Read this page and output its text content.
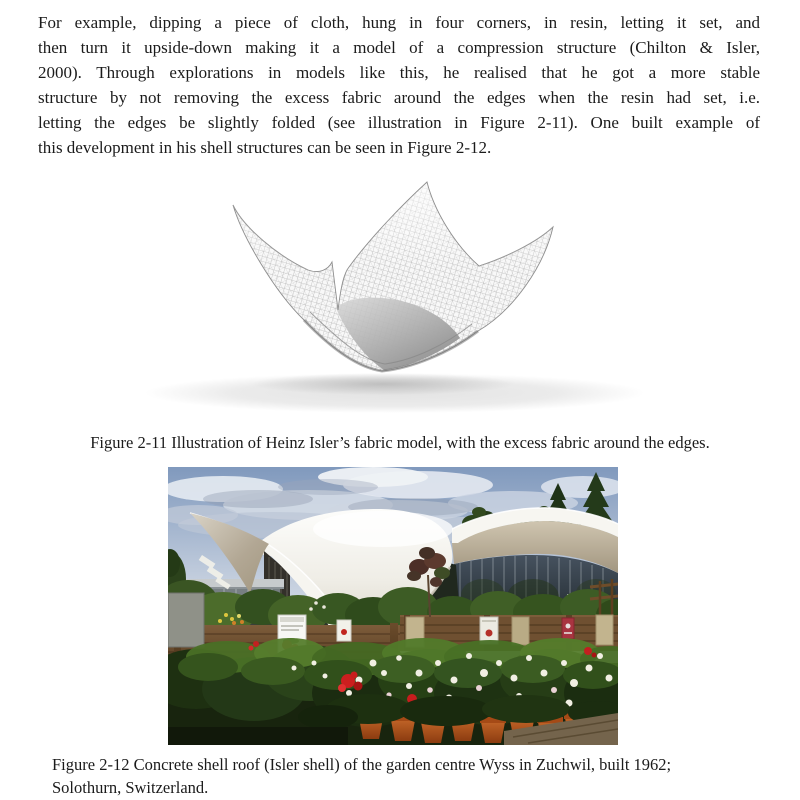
For example, dipping a piece of cloth, hung in four corners, in resin, letting it set, and
then turn it upside-down making it a model of a compression structure (Chilton & Isler,
2000). Through explorations in models like this, he realised that he got a more stable
structure by not removing the excess fabric around the edges when the resin had set, i.e.
letting the edges be slightly folded (see illustration in Figure 2-11). One built example of
this development in his shell structures can be seen in Figure 2-12.
Figure 2-11 Illustration of Heinz Isler’s fabric model, with the excess fabric around the edges.
Figure 2-12 Concrete shell roof (Isler shell) of the garden centre Wyss in Zuchwil, built 1962;
Solothurn, Switzerland.
